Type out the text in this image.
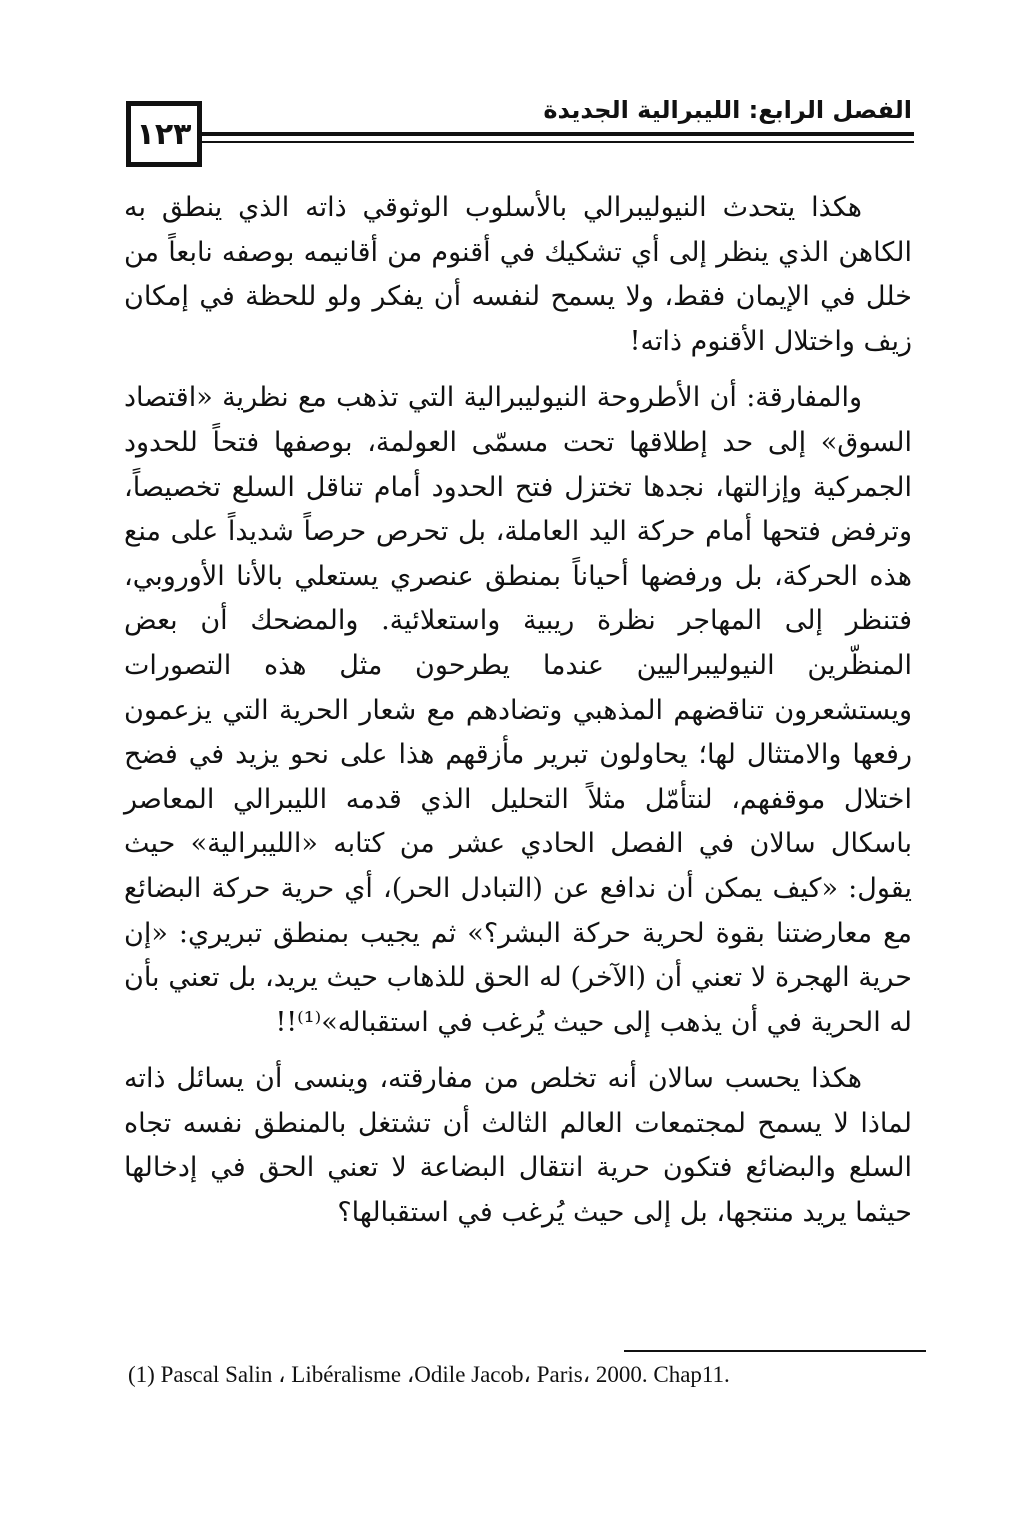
١٢٣
الفصل الرابع: الليبرالية الجديدة

هكذا يتحدث النيوليبرالي بالأسلوب الوثوقي ذاته الذي ينطق به الكاهن الذي ينظر إلى أي تشكيك في أقنوم من أقانيمه بوصفه نابعاً من خلل في الإيمان فقط، ولا يسمح لنفسه أن يفكر ولو للحظة في إمكان زيف واختلال الأقنوم ذاته!

والمفارقة: أن الأطروحة النيوليبرالية التي تذهب مع نظرية «اقتصاد السوق» إلى حد إطلاقها تحت مسمّى العولمة، بوصفها فتحاً للحدود الجمركية وإزالتها، نجدها تختزل فتح الحدود أمام تناقل السلع تخصيصاً، وترفض فتحها أمام حركة اليد العاملة، بل تحرص حرصاً شديداً على منع هذه الحركة، بل ورفضها أحياناً بمنطق عنصري يستعلي بالأنا الأوروبي، فتنظر إلى المهاجر نظرة ريبية واستعلائية. والمضحك أن بعض المنظّرين النيوليبراليين عندما يطرحون مثل هذه التصورات ويستشعرون تناقضهم المذهبي وتضادهم مع شعار الحرية التي يزعمون رفعها والامتثال لها؛ يحاولون تبرير مأزقهم هذا على نحو يزيد في فضح اختلال موقفهم، لنتأمّل مثلاً التحليل الذي قدمه الليبرالي المعاصر باسكال سالان في الفصل الحادي عشر من كتابه «الليبرالية» حيث يقول: «كيف يمكن أن ندافع عن (التبادل الحر)، أي حرية حركة البضائع مع معارضتنا بقوة لحرية حركة البشر؟» ثم يجيب بمنطق تبريري: «إن حرية الهجرة لا تعني أن (الآخر) له الحق للذهاب حيث يريد، بل تعني بأن له الحرية في أن يذهب إلى حيث يُرغب في استقباله»⁽¹⁾!!

هكذا يحسب سالان أنه تخلص من مفارقته، وينسى أن يسائل ذاته لماذا لا يسمح لمجتمعات العالم الثالث أن تشتغل بالمنطق نفسه تجاه السلع والبضائع فتكون حرية انتقال البضاعة لا تعني الحق في إدخالها حيثما يريد منتجها، بل إلى حيث يُرغب في استقبالها؟

(1) Pascal Salin ، Libéralisme ،Odile Jacob، Paris، 2000. Chap11.
